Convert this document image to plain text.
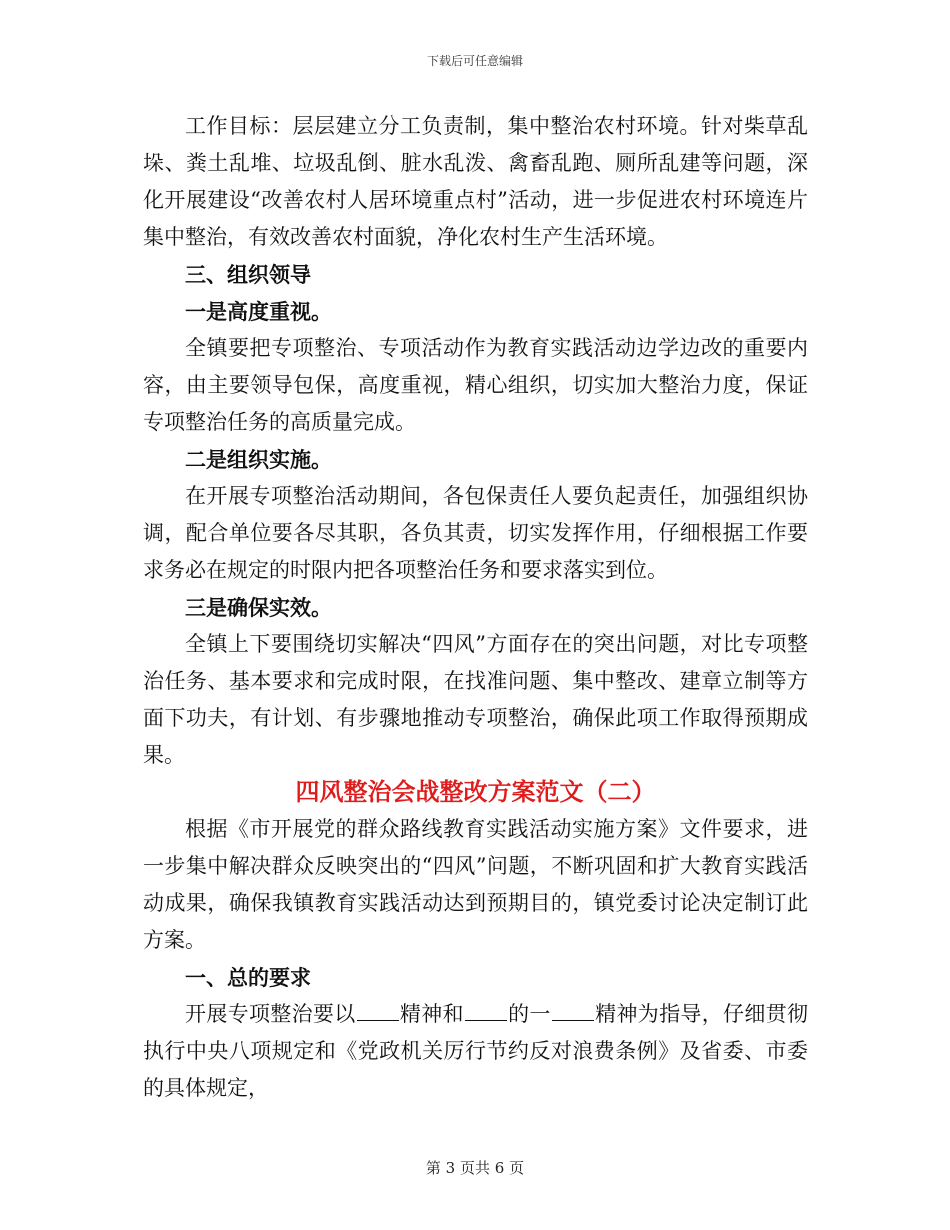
下载后可任意编辑

工作目标：层层建立分工负责制，集中整治农村环境。针对柴草乱垛、粪土乱堆、垃圾乱倒、脏水乱泼、禽畜乱跑、厕所乱建等问题，深化开展建设“改善农村人居环境重点村”活动，进一步促进农村环境连片集中整治，有效改善农村面貌，净化农村生产生活环境。

三、组织领导

一是高度重视。

全镇要把专项整治、专项活动作为教育实践活动边学边改的重要内容，由主要领导包保，高度重视，精心组织，切实加大整治力度，保证专项整治任务的高质量完成。

二是组织实施。

在开展专项整治活动期间，各包保责任人要负起责任，加强组织协调，配合单位要各尽其职，各负其责，切实发挥作用，仔细根据工作要求务必在规定的时限内把各项整治任务和要求落实到位。

三是确保实效。

全镇上下要围绕切实解决“四风”方面存在的突出问题，对比专项整治任务、基本要求和完成时限，在找准问题、集中整改、建章立制等方面下功夫，有计划、有步骤地推动专项整治，确保此项工作取得预期成果。

四风整治会战整改方案范文（二）

根据《市开展党的群众路线教育实践活动实施方案》文件要求，进一步集中解决群众反映突出的“四风”问题，不断巩固和扩大教育实践活动成果，确保我镇教育实践活动达到预期目的，镇党委讨论决定制订此方案。

一、总的要求

开展专项整治要以 精神和 的一 精神为指导，仔细贯彻执行中央八项规定和《党政机关厉行节约反对浪费条例》及省委、市委的具体规定，

第 3 页共 6 页
